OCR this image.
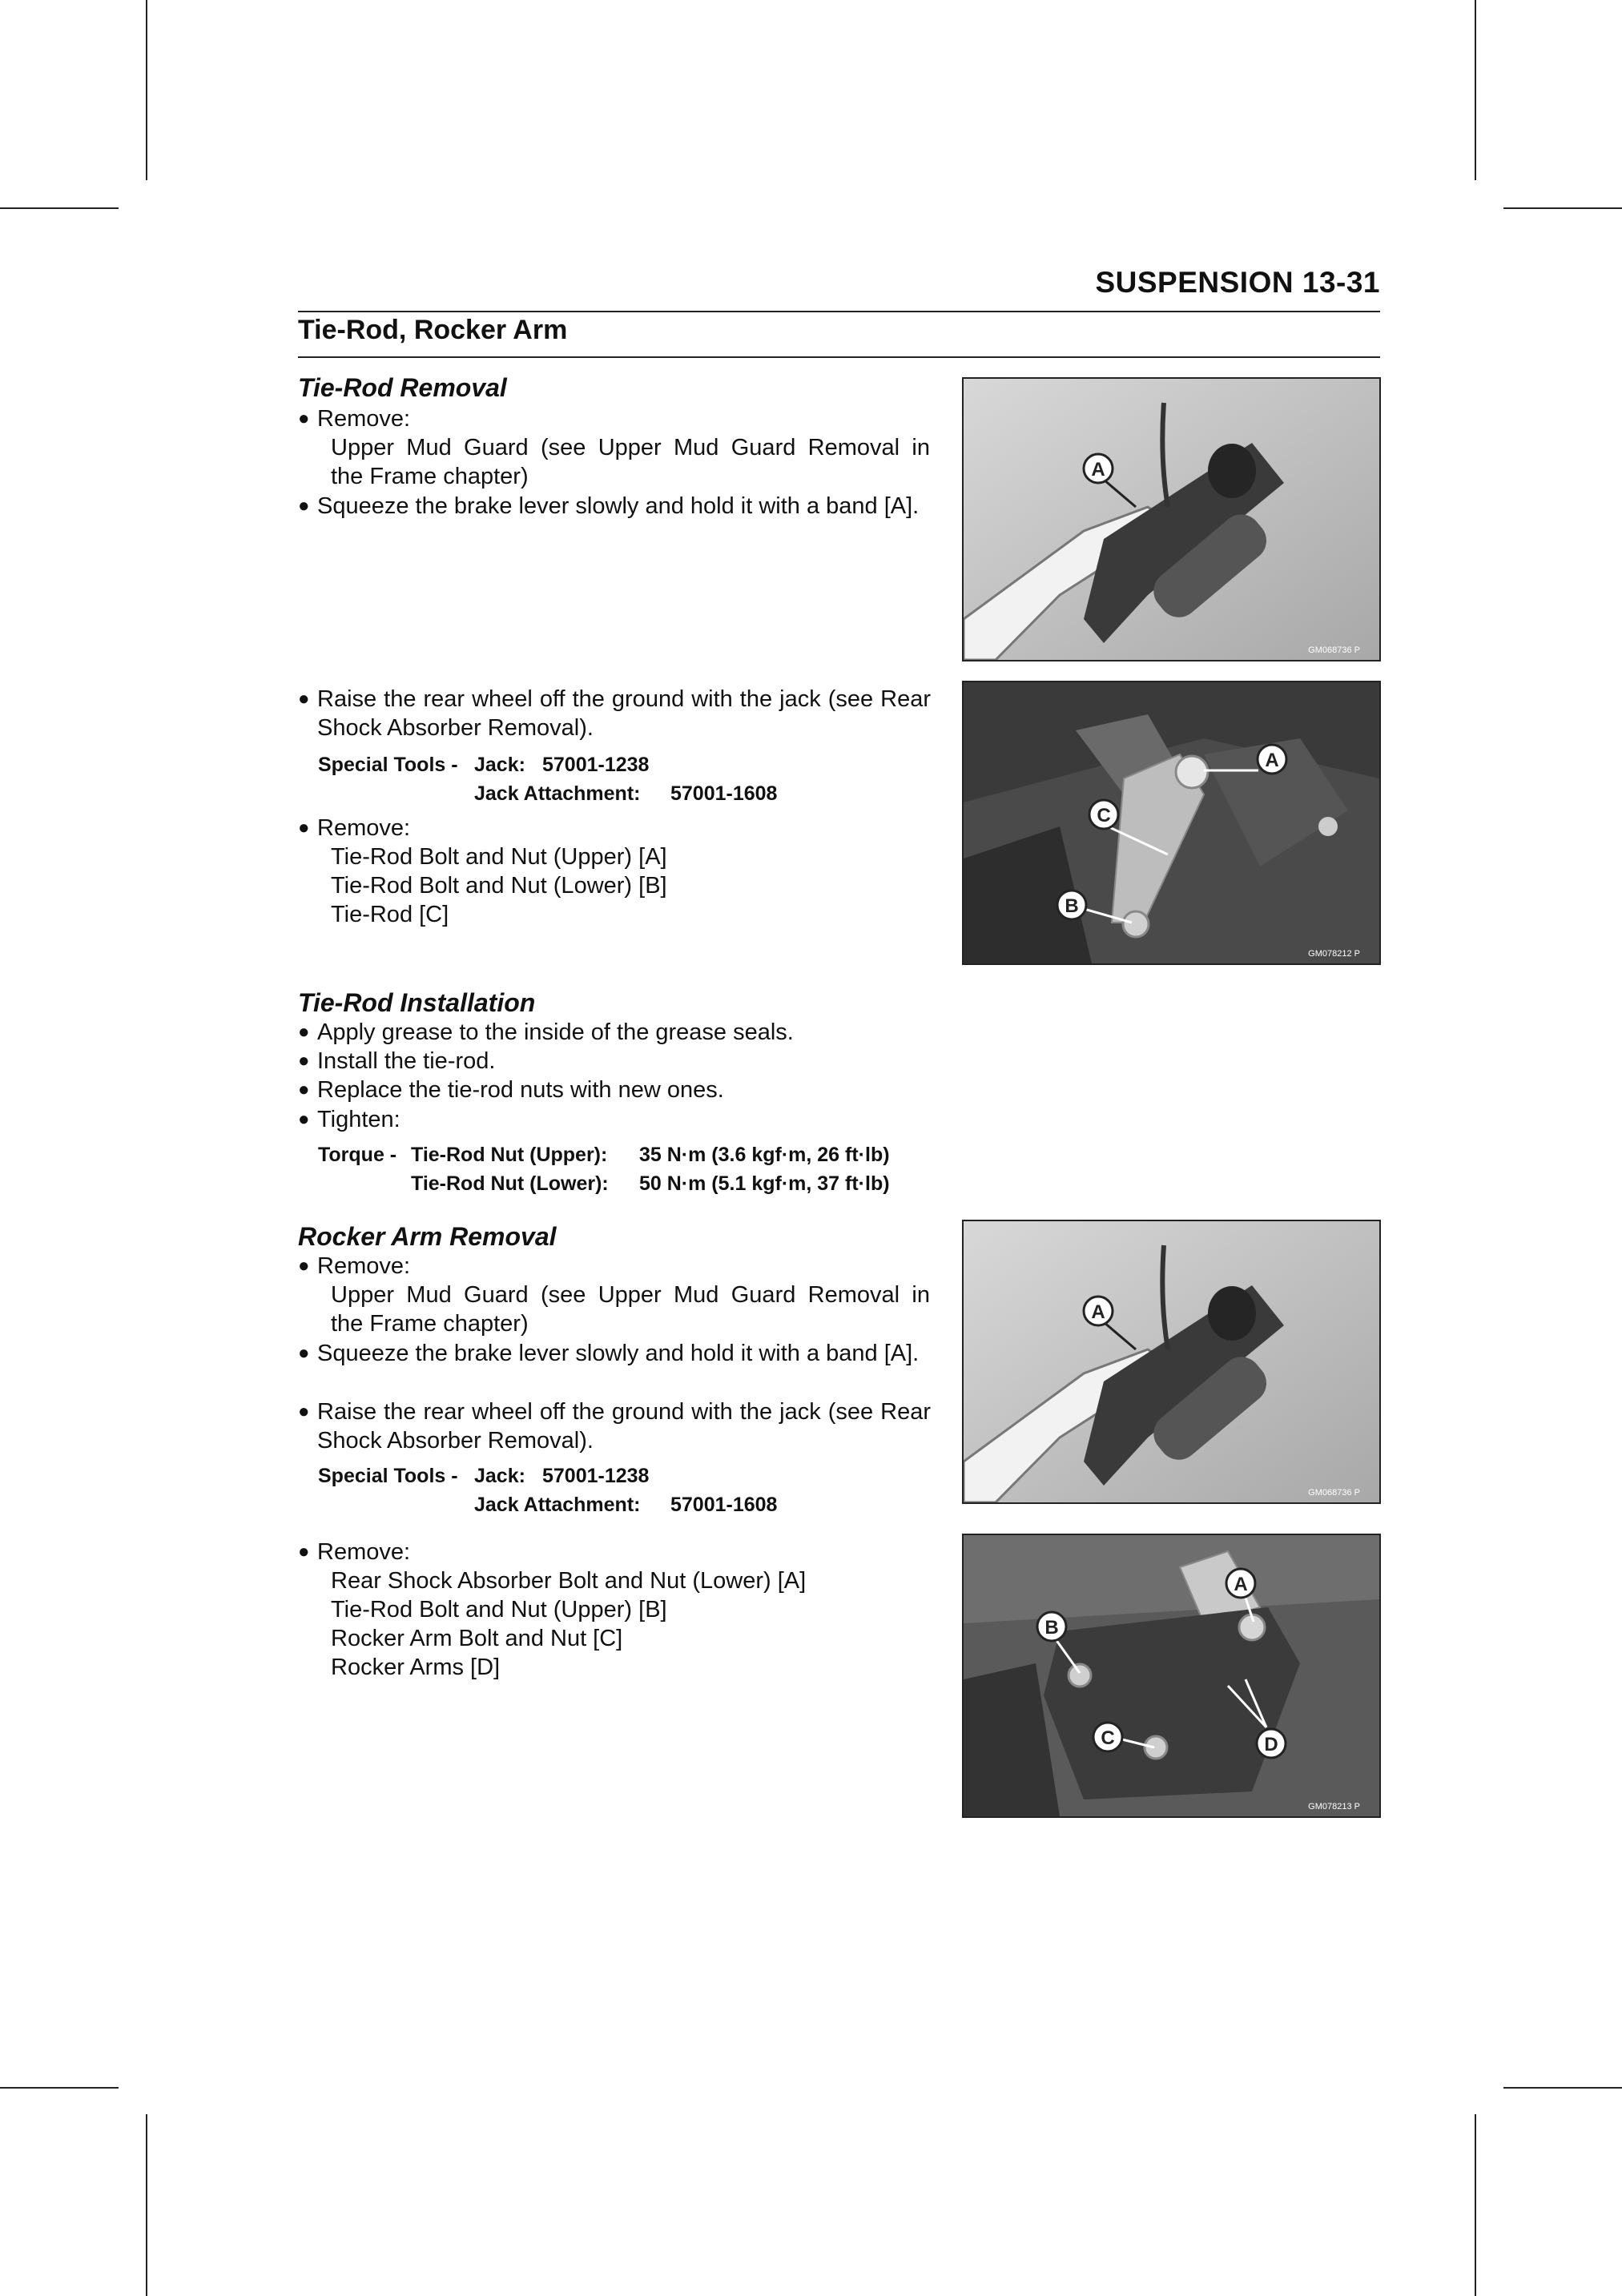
SUSPENSION 13-31
Tie-Rod, Rocker Arm
Tie-Rod Removal
● Remove:
Upper Mud Guard (see Upper Mud Guard Removal in
the Frame chapter)
● Squeeze the brake lever slowly and hold it with a band [A].
● Raise the rear wheel off the ground with the jack (see Rear Shock Absorber Removal).
Special Tools - Jack: 57001-1238
Jack Attachment: 57001-1608
● Remove:
Tie-Rod Bolt and Nut (Upper) [A]
Tie-Rod Bolt and Nut (Lower) [B]
Tie-Rod [C]
Tie-Rod Installation
● Apply grease to the inside of the grease seals.
● Install the tie-rod.
● Replace the tie-rod nuts with new ones.
● Tighten:
Torque - Tie-Rod Nut (Upper): 35 N·m (3.6 kgf·m, 26 ft·lb)
Tie-Rod Nut (Lower): 50 N·m (5.1 kgf·m, 37 ft·lb)
Rocker Arm Removal
● Remove:
Upper Mud Guard (see Upper Mud Guard Removal in
the Frame chapter)
● Squeeze the brake lever slowly and hold it with a band [A].
● Raise the rear wheel off the ground with the jack (see Rear Shock Absorber Removal).
Special Tools - Jack: 57001-1238
Jack Attachment: 57001-1608
● Remove:
Rear Shock Absorber Bolt and Nut (Lower) [A]
Tie-Rod Bolt and Nut (Upper) [B]
Rocker Arm Bolt and Nut [C]
Rocker Arms [D]
A
GM068736 P
A
C
B
GM078212 P
A
GM068736 P
A
B
C	D
GM078213 P
